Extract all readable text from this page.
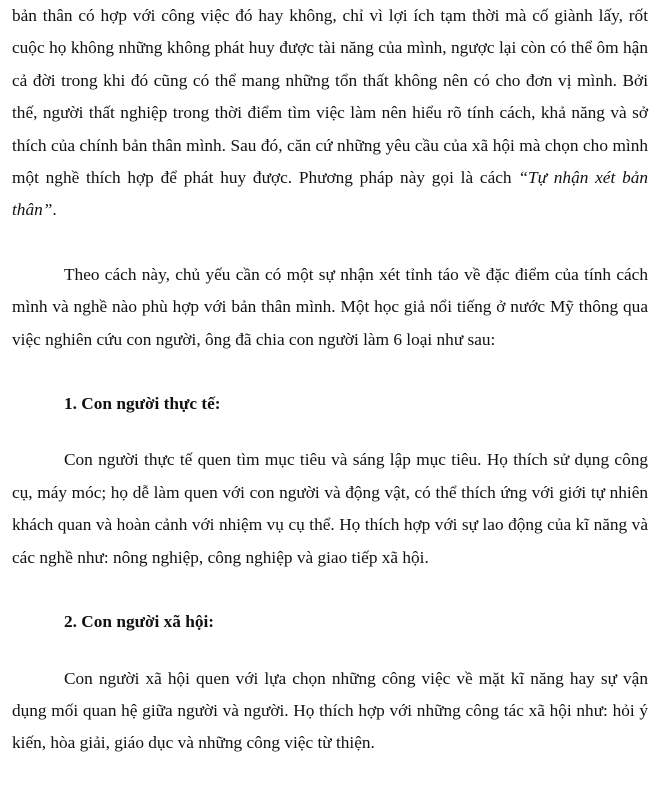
bản thân có hợp với công việc đó hay không, chỉ vì lợi ích tạm thời mà cố giành lấy, rốt cuộc họ không những không phát huy được tài năng của mình, ngược lại còn có thể ôm hận cả đời trong khi đó cũng có thể mang những tổn thất không nên có cho đơn vị mình. Bởi thế, người thất nghiệp trong thời điểm tìm việc làm nên hiểu rõ tính cách, khả năng và sở thích của chính bản thân mình. Sau đó, căn cứ những yêu cầu của xã hội mà chọn cho mình một nghề thích hợp để phát huy được. Phương pháp này gọi là cách “Tự nhận xét bản thân”.

Theo cách này, chủ yếu cần có một sự nhận xét tỉnh táo về đặc điểm của tính cách mình và nghề nào phù hợp với bản thân mình. Một học giả nổi tiếng ở nước Mỹ thông qua việc nghiên cứu con người, ông đã chia con người làm 6 loại như sau:

1. Con người thực tế:

Con người thực tế quen tìm mục tiêu và sáng lập mục tiêu. Họ thích sử dụng công cụ, máy móc; họ dễ làm quen với con người và động vật, có thể thích ứng với giới tự nhiên khách quan và hoàn cảnh với nhiệm vụ cụ thể. Họ thích hợp với sự lao động của kĩ năng và các nghề như: nông nghiệp, công nghiệp và giao tiếp xã hội.

2. Con người xã hội:

Con người xã hội quen với lựa chọn những công việc về mặt kĩ năng hay sự vận dụng mối quan hệ giữa người và người. Họ thích hợp với những công tác xã hội như: hỏi ý kiến, hòa giải, giáo dục và những công việc từ thiện.
